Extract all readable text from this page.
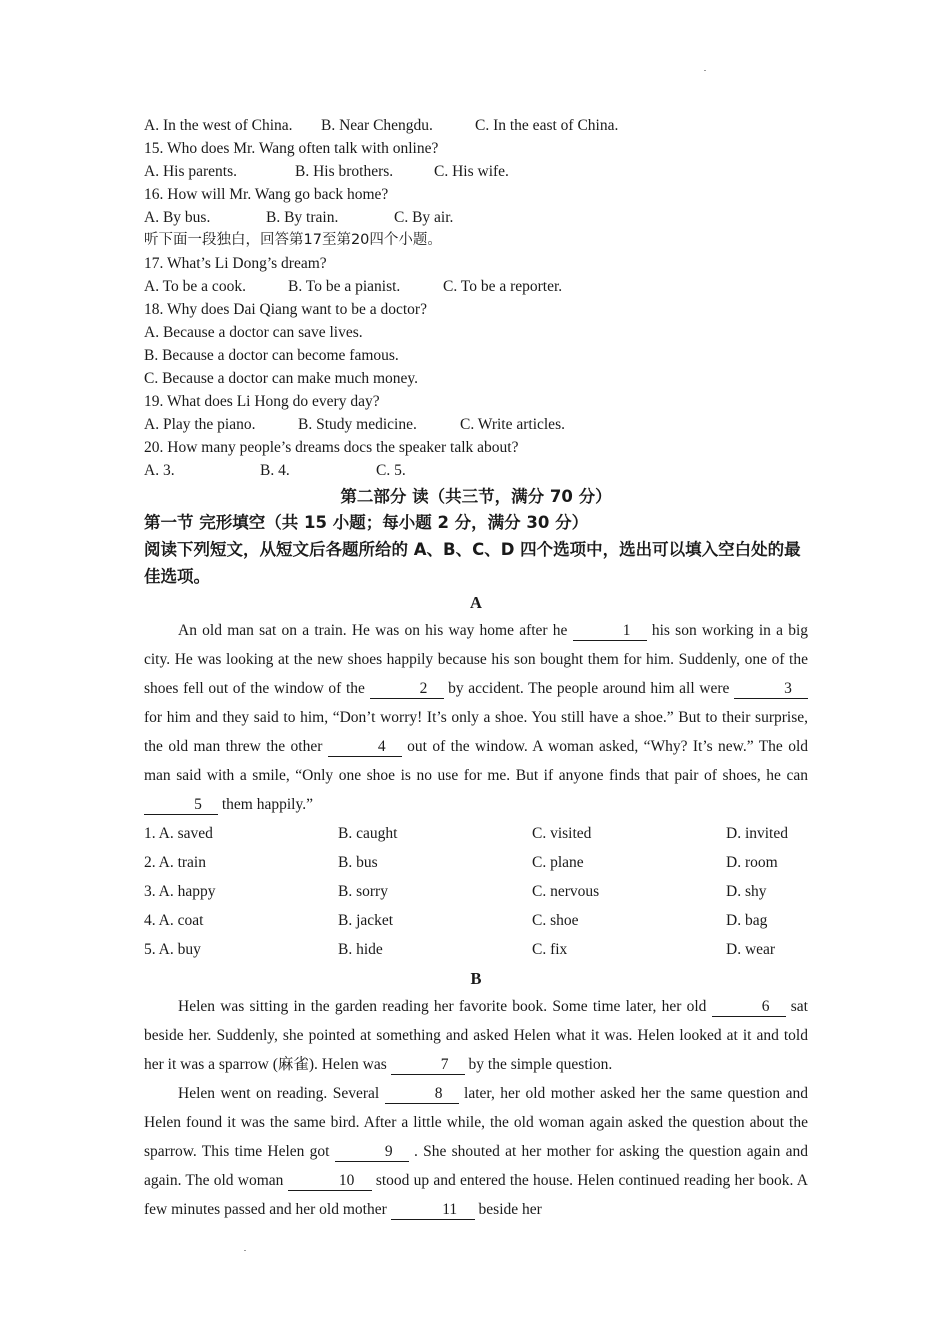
A. In the west of China. B. Near Chengdu.	C. In the east of China.
15. Who does Mr. Wang often talk with online?
A. His parents.	B. His brothers.	C. His wife.
16. How will Mr. Wang go back home?
A. By bus.	B. By train.	C. By air.
听下面一段独白，回答第17至第20四个小题。
17. What’s Li Dong’s dream?
A. To be a cook.	B. To be a pianist.	C. To be a reporter.
18. Why does Dai Qiang want to be a doctor?
A. Because a doctor can save lives.
B. Because a doctor can become famous.
C. Because a doctor can make much money.
19. What does Li Hong do every day?
A. Play the piano.	B. Study medicine.	C. Write articles.
20. How many people’s dreams docs the speaker talk about?
A. 3.	B. 4.	C. 5.
第二部分 读（共三节，满分 70 分）
第一节 完形填空（共 15 小题；每小题 2 分，满分 30 分）
阅读下列短文，从短文后各题所给的 A、B、C、D 四个选项中，选出可以填入空白处的最佳选项。
A
An old man sat on a train. He was on his way home after he	1 his son working in a big city. He was looking at the new shoes happily because his son bought them for him. Suddenly, one of the shoes fell out of the window of the	2 by accident. The people around him all were	3 for him and they said to him, “Don’t worry! It’s only a shoe. You still have a shoe.” But to their surprise, the old man threw the other	4 out of the window. A woman asked, “Why? It’s new.” The old man said with a smile, “Only one shoe is no use for me. But if anyone finds that pair of shoes, he can 5 them happily.”
1. A. saved	B. caught	C. visited	D. invited
2. A. train	B. bus	C. plane	D. room
3. A. happy	B. sorry	C. nervous	D. shy
4. A. coat	B. jacket	C. shoe	D. bag
5. A. buy	B. hide	C. fix	D. wear
B
Helen was sitting in the garden reading her favorite book. Some time later, her old	6 sat beside her. Suddenly, she pointed at something and asked Helen what it was. Helen looked at it and told her it was a sparrow (麻雀). Helen was	7 by the simple question.
Helen went on reading. Several	8 later, her old mother asked her the same question and Helen found it was the same bird. After a little while, the old woman again asked the question about the sparrow. This time Helen got	9 . She shouted at her mother for asking the question again and again. The old woman	10 stood up and entered the house. Helen continued reading her book. A few minutes passed and her old mother	11 beside her
